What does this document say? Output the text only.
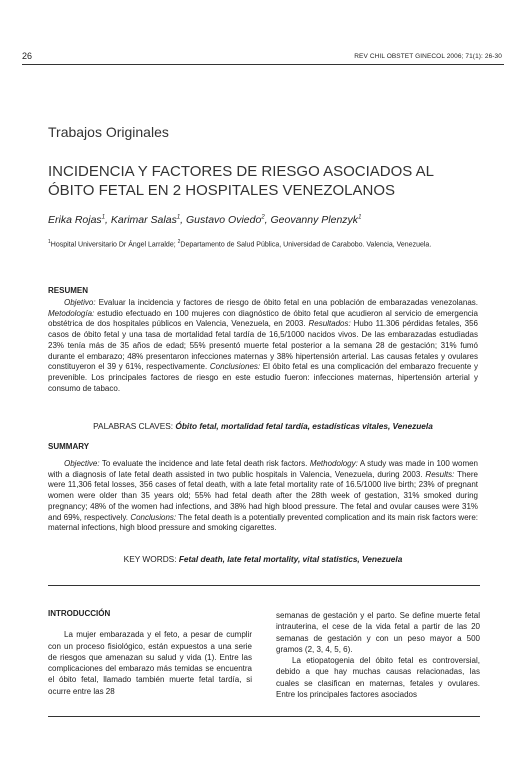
26	REV CHIL OBSTET GINECOL 2006; 71(1): 26-30
Trabajos Originales
INCIDENCIA Y FACTORES DE RIESGO ASOCIADOS AL
ÓBITO FETAL EN 2 HOSPITALES VENEZOLANOS
Erika Rojas$^1$, Karimar Salas$^1$, Gustavo Oviedo$^2$, Geovanny Plenzyk$^1$
$^1$Hospital Universitario Dr Ángel Larralde; $^2$Departamento de Salud Pública, Universidad de Carabobo. Valencia, Venezuela.
RESUMEN
Objetivo: Evaluar la incidencia y factores de riesgo de óbito fetal en una población de embarazadas venezolanas. Metodología: estudio efectuado en 100 mujeres con diagnóstico de óbito fetal que acudieron al servicio de emergencia obstétrica de dos hospitales públicos en Valencia, Venezuela, en 2003. Resultados: Hubo 11.306 pérdidas fetales, 356 casos de óbito fetal y una tasa de mortalidad fetal tardía de 16,5/1000 nacidos vivos. De las embarazadas estudiadas 23% tenía más de 35 años de edad; 55% presentó muerte fetal posterior a la semana 28 de gestación; 31% fumó durante el embarazo; 48% presentaron infecciones maternas y 38% hipertensión arterial. Las causas fetales y ovulares constituyeron el 39 y 61%, respectivamente. Conclusiones: El óbito fetal es una complicación del embarazo frecuente y prevenible. Los principales factores de riesgo en este estudio fueron: infecciones maternas, hipertensión arterial y consumo de tabaco.
PALABRAS CLAVES: Óbito fetal, mortalidad fetal tardía, estadísticas vitales, Venezuela
SUMMARY
Objective: To evaluate the incidence and late fetal death risk factors. Methodology: A study was made in 100 women with a diagnosis of late fetal death assisted in two public hospitals in Valencia, Venezuela, during 2003. Results: There were 11,306 fetal losses, 356 cases of fetal death, with a late fetal mortality rate of 16.5/1000 live birth; 23% of pregnant women were older than 35 years old; 55% had fetal death after the 28th week of gestation, 31% smoked during pregnancy; 48% of the women had infections, and 38% had high blood pressure. The fetal and ovular causes were 31% and 69%, respectively. Conclusions: The fetal death is a potentially prevented complication and its main risk factors were: maternal infections, high blood pressure and smoking cigarettes.
KEY WORDS: Fetal death, late fetal mortality, vital statistics, Venezuela
INTRODUCCIÓN

La mujer embarazada y el feto, a pesar de cumplir con un proceso fisiológico, están expuestos a una serie de riesgos que amenazan su salud y vida (1). Entre las complicaciones del embarazo más temidas se encuentra el óbito fetal, llamado también muerte fetal tardía, si ocurre entre las 28

semanas de gestación y el parto. Se define muerte fetal intrauterina, el cese de la vida fetal a partir de las 20 semanas de gestación y con un peso mayor a 500 gramos (2, 3, 4, 5, 6).

La etiopatogenia del óbito fetal es controversial, debido a que hay muchas causas relacionadas, las cuales se clasifican en maternas, fetales y ovulares. Entre los principales factores asociados
